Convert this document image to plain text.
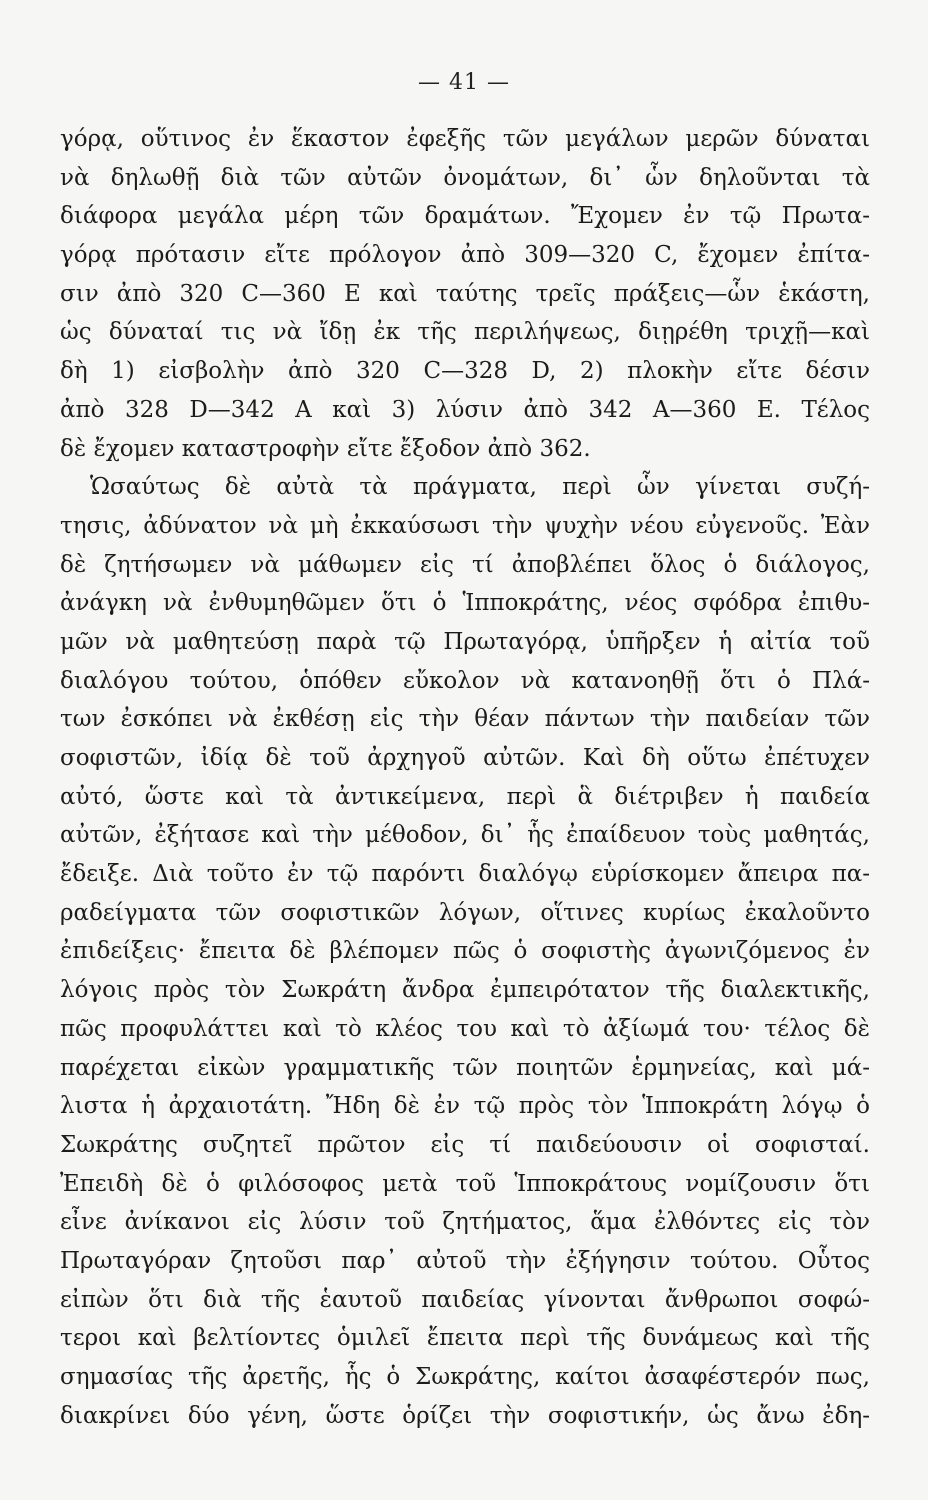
— 41 —
γόρᾳ, οὕτινος ἐν ἕκαστον ἐφεξῆς τῶν μεγάλων μερῶν δύναται
νὰ δηλωθῇ διὰ τῶν αὐτῶν ὀνομάτων, δι᾽ ὧν δηλοῦνται τὰ
διάφορα μεγάλα μέρη τῶν δραμάτων. Ἔχομεν ἐν τῷ Πρωτα-
γόρᾳ πρότασιν εἴτε πρόλογον ἀπὸ 309—320 C, ἔχομεν ἐπίτα-
σιν ἀπὸ 320 C—360 E καὶ ταύτης τρεῖς πράξεις—ὧν ἑκάστη,
ὡς δύναταί τις νὰ ἴδῃ ἐκ τῆς περιλήψεως, διῃρέθη τριχῇ—καὶ
δὴ 1) εἰσβολὴν ἀπὸ 320 C—328 D, 2) πλοκὴν εἴτε δέσιν
ἀπὸ 328 D—342 A καὶ 3) λύσιν ἀπὸ 342 A—360 E. Τέλος
δὲ ἔχομεν καταστροφὴν εἴτε ἔξοδον ἀπὸ 362.
Ὡσαύτως δὲ αὐτὰ τὰ πράγματα, περὶ ὧν γίνεται συζή-
τησις, ἀδύνατον νὰ μὴ ἐκκαύσωσι τὴν ψυχὴν νέου εὐγενοῦς. Ἐὰν
δὲ ζητήσωμεν νὰ μάθωμεν εἰς τί ἀποβλέπει ὅλος ὁ διάλογος,
ἀνάγκη νὰ ἐνθυμηθῶμεν ὅτι ὁ Ἱπποκράτης, νέος σφόδρα ἐπιθυ-
μῶν νὰ μαθητεύσῃ παρὰ τῷ Πρωταγόρᾳ, ὑπῆρξεν ἡ αἰτία τοῦ
διαλόγου τούτου, ὁπόθεν εὔκολον νὰ κατανοηθῇ ὅτι ὁ Πλά-
των ἐσκόπει νὰ ἐκθέσῃ εἰς τὴν θέαν πάντων τὴν παιδείαν τῶν
σοφιστῶν, ἰδίᾳ δὲ τοῦ ἀρχηγοῦ αὐτῶν. Καὶ δὴ οὕτω ἐπέτυχεν
αὐτό, ὥστε καὶ τὰ ἀντικείμενα, περὶ ἃ διέτριβεν ἡ παιδεία
αὐτῶν, ἐξήτασε καὶ τὴν μέθοδον, δι᾽ ἧς ἐπαίδευον τοὺς μαθητάς,
ἔδειξε. Διὰ τοῦτο ἐν τῷ παρόντι διαλόγῳ εὑρίσκομεν ἄπειρα πα-
ραδείγματα τῶν σοφιστικῶν λόγων, οἵτινες κυρίως ἐκαλοῦντο
ἐπιδείξεις· ἔπειτα δὲ βλέπομεν πῶς ὁ σοφιστὴς ἀγωνιζόμενος ἐν
λόγοις πρὸς τὸν Σωκράτη ἄνδρα ἐμπειρότατον τῆς διαλεκτικῆς,
πῶς προφυλάττει καὶ τὸ κλέος του καὶ τὸ ἀξίωμά του· τέλος δὲ
παρέχεται εἰκὼν γραμματικῆς τῶν ποιητῶν ἑρμηνείας, καὶ μά-
λιστα ἡ ἀρχαιοτάτη. Ἤδη δὲ ἐν τῷ πρὸς τὸν Ἱπποκράτη λόγῳ ὁ
Σωκράτης συζητεῖ πρῶτον εἰς τί παιδεύουσιν οἱ σοφισταί.
Ἐπειδὴ δὲ ὁ φιλόσοφος μετὰ τοῦ Ἱπποκράτους νομίζουσιν ὅτι
εἶνε ἀνίκανοι εἰς λύσιν τοῦ ζητήματος, ἅμα ἐλθόντες εἰς τὸν
Πρωταγόραν ζητοῦσι παρ᾽ αὐτοῦ τὴν ἐξήγησιν τούτου. Οὗτος
εἰπὼν ὅτι διὰ τῆς ἑαυτοῦ παιδείας γίνονται ἄνθρωποι σοφώ-
τεροι καὶ βελτίοντες ὁμιλεῖ ἔπειτα περὶ τῆς δυνάμεως καὶ τῆς
σημασίας τῆς ἀρετῆς, ἧς ὁ Σωκράτης, καίτοι ἀσαφέστερόν πως,
διακρίνει δύο γένη, ὥστε ὁρίζει τὴν σοφιστικήν, ὡς ἄνω ἐδη-
